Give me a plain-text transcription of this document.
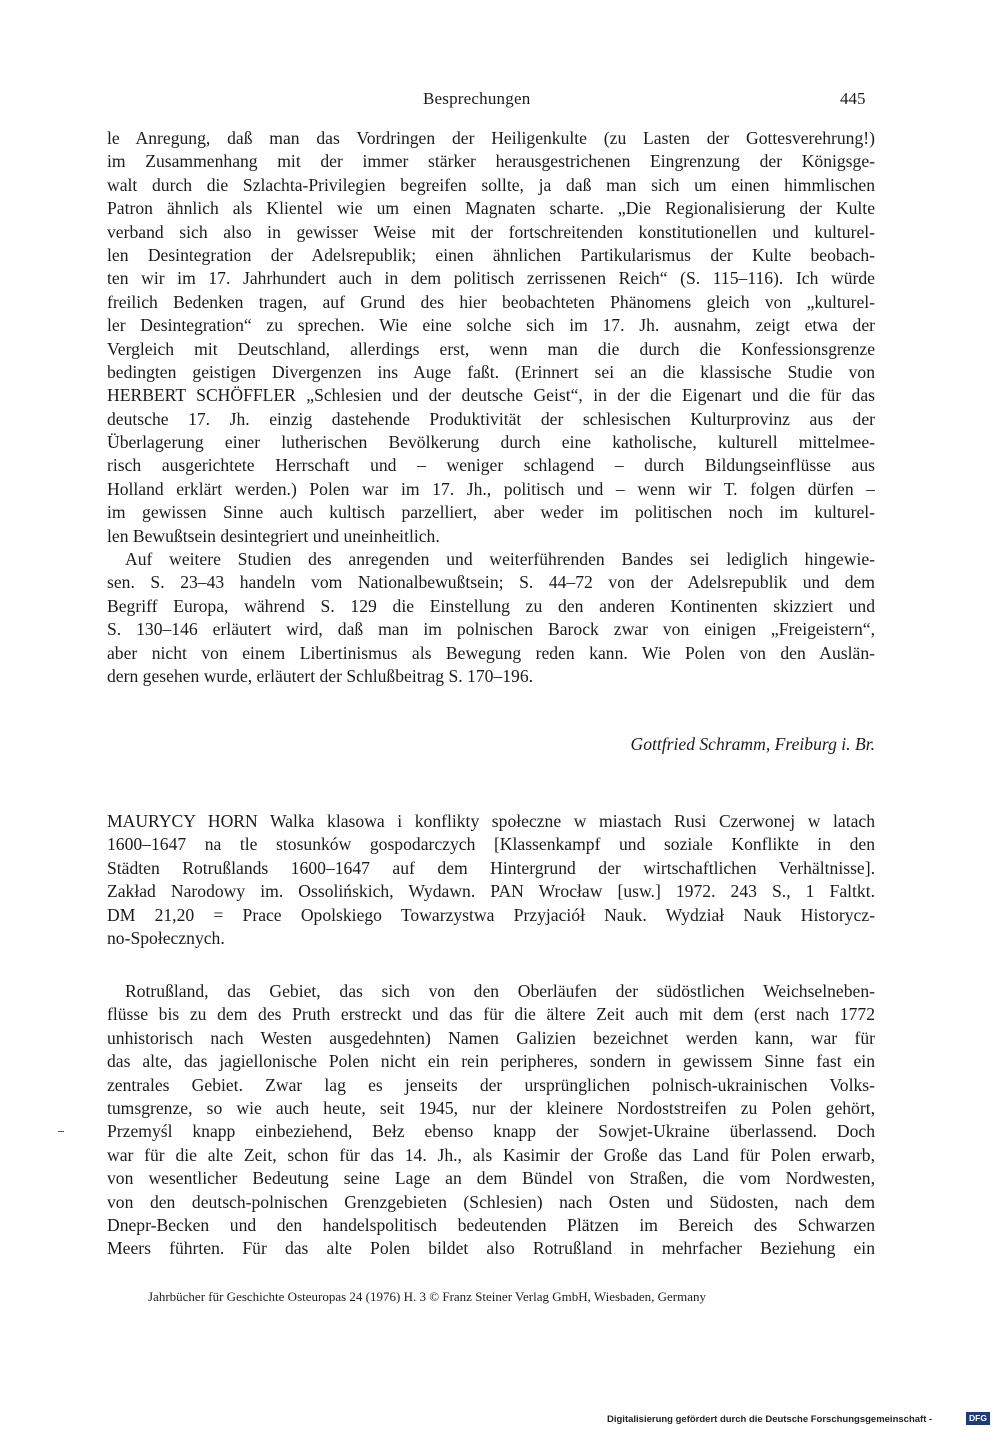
Besprechungen	445
le Anregung, daß man das Vordringen der Heiligenkulte (zu Lasten der Gottesverehrung!)
im Zusammenhang mit der immer stärker herausgestrichenen Eingrenzung der Königsge-
walt durch die Szlachta-Privilegien begreifen sollte, ja daß man sich um einen himmlischen
Patron ähnlich als Klientel wie um einen Magnaten scharte. „Die Regionalisierung der Kulte
verband sich also in gewisser Weise mit der fortschreitenden konstitutionellen und kulturel-
len Desintegration der Adelsrepublik; einen ähnlichen Partikularismus der Kulte beobach-
ten wir im 17. Jahrhundert auch in dem politisch zerrissenen Reich“ (S. 115–116). Ich würde
freilich Bedenken tragen, auf Grund des hier beobachteten Phänomens gleich von „kulturel-
ler Desintegration“ zu sprechen. Wie eine solche sich im 17. Jh. ausnahm, zeigt etwa der
Vergleich mit Deutschland, allerdings erst, wenn man die durch die Konfessionsgrenze
bedingten geistigen Divergenzen ins Auge faßt. (Erinnert sei an die klassische Studie von
HERBERT SCHÖFFLER „Schlesien und der deutsche Geist“, in der die Eigenart und die für das
deutsche 17. Jh. einzig dastehende Produktivität der schlesischen Kulturprovinz aus der
Überlagerung einer lutherischen Bevölkerung durch eine katholische, kulturell mittelmee-
risch ausgerichtete Herrschaft und – weniger schlagend – durch Bildungseinflüsse aus
Holland erklärt werden.) Polen war im 17. Jh., politisch und – wenn wir T. folgen dürfen –
im gewissen Sinne auch kultisch parzelliert, aber weder im politischen noch im kulturel-
len Bewußtsein desintegriert und uneinheitlich.
Auf weitere Studien des anregenden und weiterführenden Bandes sei lediglich hingewie-
sen. S. 23–43 handeln vom Nationalbewußtsein; S. 44–72 von der Adelsrepublik und dem
Begriff Europa, während S. 129 die Einstellung zu den anderen Kontinenten skizziert und
S. 130–146 erläutert wird, daß man im polnischen Barock zwar von einigen „Freigeistern“,
aber nicht von einem Libertinismus als Bewegung reden kann. Wie Polen von den Auslän-
dern gesehen wurde, erläutert der Schlußbeitrag S. 170–196.
Gottfried Schramm, Freiburg i. Br.
MAURYCY HORN Walka klasowa i konflikty społeczne w miastach Rusi Czerwonej w latach
1600–1647 na tle stosunków gospodarczych [Klassenkampf und soziale Konflikte in den
Städten Rotrußlands 1600–1647 auf dem Hintergrund der wirtschaftlichen Verhältnisse].
Zakład Narodowy im. Ossolińskich, Wydawn. PAN Wrocław [usw.] 1972. 243 S., 1 Faltkt.
DM 21,20 = Prace Opolskiego Towarzystwa Przyjaciół Nauk. Wydział Nauk Historycz-
no-Społecznych.
Rotrußland, das Gebiet, das sich von den Oberläufen der südöstlichen Weichselneben-
flüsse bis zu dem des Pruth erstreckt und das für die ältere Zeit auch mit dem (erst nach 1772
unhistorisch nach Westen ausgedehnten) Namen Galizien bezeichnet werden kann, war für
das alte, das jagiellonische Polen nicht ein rein peripheres, sondern in gewissem Sinne fast ein
zentrales Gebiet. Zwar lag es jenseits der ursprünglichen polnisch-ukrainischen Volks-
tumsgrenze, so wie auch heute, seit 1945, nur der kleinere Nordoststreifen zu Polen gehört,
Przemyśl knapp einbeziehend, Bełz ebenso knapp der Sowjet-Ukraine überlassend. Doch
war für die alte Zeit, schon für das 14. Jh., als Kasimir der Große das Land für Polen erwarb,
von wesentlicher Bedeutung seine Lage an dem Bündel von Straßen, die vom Nordwesten,
von den deutsch-polnischen Grenzgebieten (Schlesien) nach Osten und Südosten, nach dem
Dnepr-Becken und den handelspolitisch bedeutenden Plätzen im Bereich des Schwarzen
Meers führten. Für das alte Polen bildet also Rotrußland in mehrfacher Beziehung ein
Jahrbücher für Geschichte Osteuropas 24 (1976) H. 3 © Franz Steiner Verlag GmbH, Wiesbaden, Germany
Digitalisierung gefördert durch die Deutsche Forschungsgemeinschaft -	DFG
